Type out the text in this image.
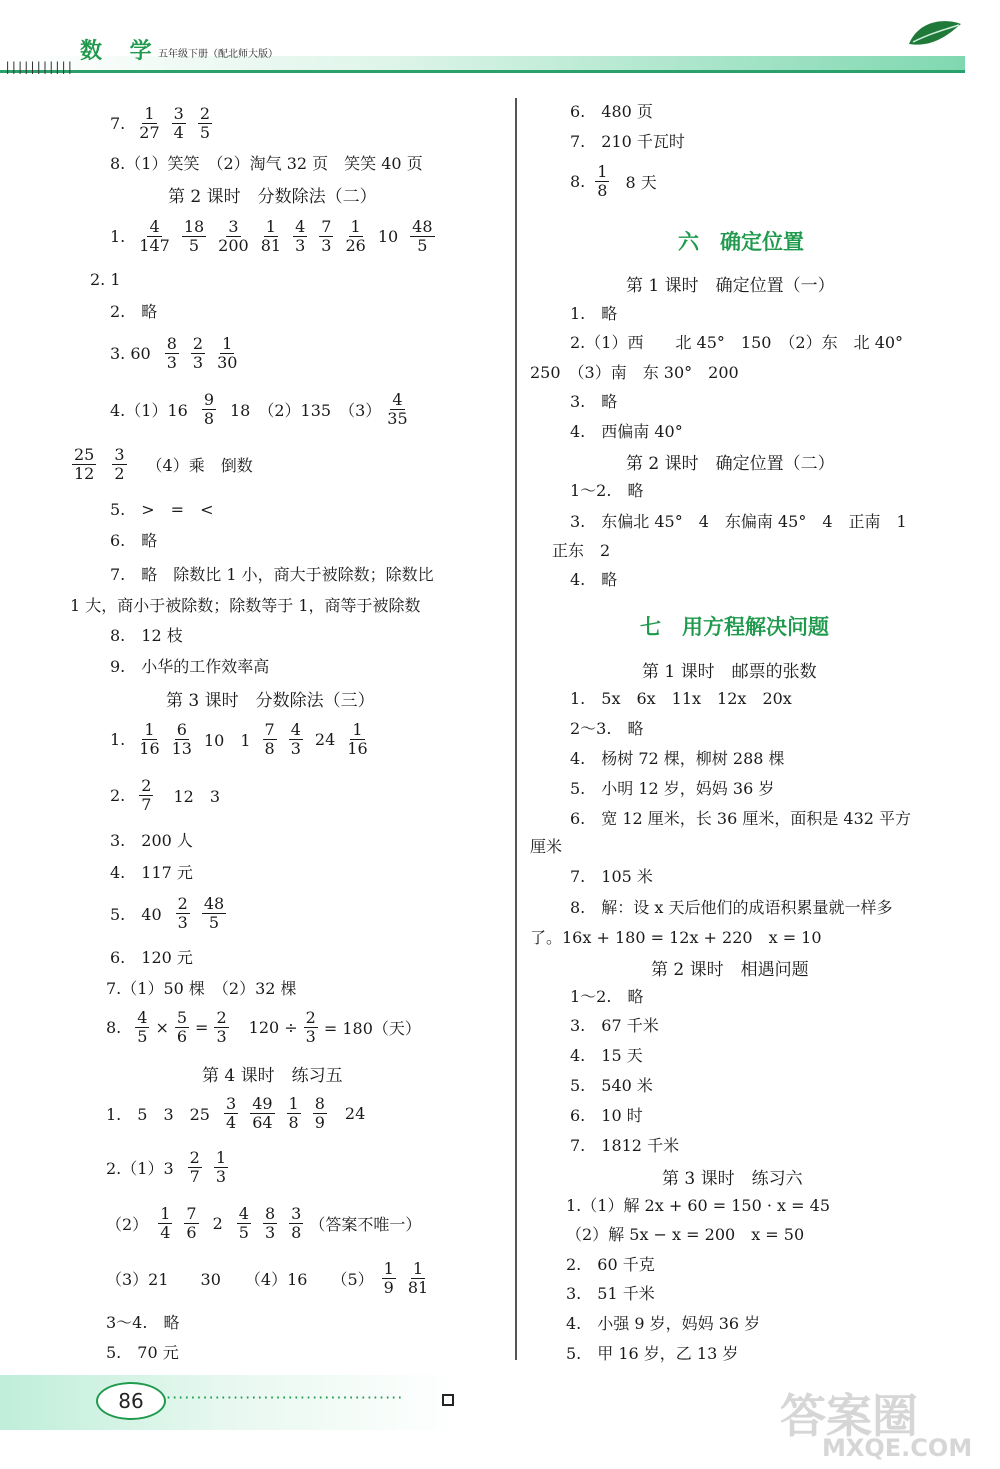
|||||||||||
数 学
五年级下册（配北师大版）
7. $\frac{1}{27} \frac{3}{4} \frac{2}{5}$
8.（1）笑笑　（2）淘气 32 页　笑笑 40 页
第 2 课时　分数除法（二）
1. $\frac{4}{147} \frac{18}{5} \frac{3}{200} \frac{1}{81} \frac{4}{3} \frac{7}{3} \frac{1}{26} 10 \frac{48}{5}$
2. 1
2.　略
3. $60 \frac{8}{3} \frac{2}{3} \frac{1}{30}$
$4.(1)16 \frac{9}{8} 18$　（2）135　$(3) \frac{4}{35}$
$\frac{25}{12} \frac{3}{2} (4)$乘　倒数
5.　>　=　<
6.　略
7.　略　除数比 1 小，商大于被除数；除数比
1 大，商小于被除数；除数等于 1，商等于被除数
8.　12 枝
9.　小华的工作效率高
第 3 课时　分数除法（三）
1. $\frac{1}{16} \frac{6}{13} 10$　$1 \frac{7}{8} \frac{4}{3} 24 \frac{1}{16}$
2. $\frac{2}{7} 12$　3
3.　200 人
4.　117 元
5.　$40 \frac{2}{3} \frac{48}{5}$
6.　120 元
7.（1）50 棵　（2）32 棵
8. $\frac{4}{5} \times \frac{5}{6} = \frac{2}{3} 120 \div \frac{2}{3} = 180$（天）
第 4 课时　练习五
1.　5　3　$25 \frac{3}{4} \frac{49}{64} \frac{1}{8} \frac{8}{9} 24$
$2.(1)3 \frac{2}{7} \frac{1}{3}$
$(2) \frac{1}{4} \frac{7}{6} 2 \frac{4}{5} \frac{8}{3} \frac{3}{8}$ （答案不唯一）
（3）21　　30　　（4）16　　$(5) \frac{1}{9} \frac{1}{81}$
3～4.　略
5.　70 元
6.　480 页
7.　210 千瓦时
8. $\frac{1}{8} 8$ 天
六　确定位置
第 1 课时　确定位置（一）
1.　略
2.（1）西　　北 45°　150　（2）东　北 40°
250　（3）南　东 30°　200
3.　略
4.　西偏南 40°
第 2 课时　确定位置（二）
1～2.　略
3.　东偏北 45°　4　东偏南 45°　4　正南　1
正东　2
4.　略
七　用方程解决问题
第 1 课时　邮票的张数
1.　5x　6x　11x　12x　20x
2～3.　略
4.　杨树 72 棵，柳树 288 棵
5.　小明 12 岁，妈妈 36 岁
6.　宽 12 厘米，长 36 厘米，面积是 432 平方
厘米
7.　105 米
8.　解：设 x 天后他们的成语积累量就一样多
了。16x + 180 = 12x + 220　x = 10
第 2 课时　相遇问题
1～2.　略
3.　67 千米
4.　15 天
5.　540 米
6.　10 时
7.　1812 千米
第 3 课时　练习六
1.（1）解 2x + 60 = 150 · x = 45
（2）解 5x − x = 200　x = 50
2.　60 千克
3.　51 千米
4.　小强 9 岁，妈妈 36 岁
5.　甲 16 岁，乙 13 岁
86	·······································	答案圈
MXQE.COM
